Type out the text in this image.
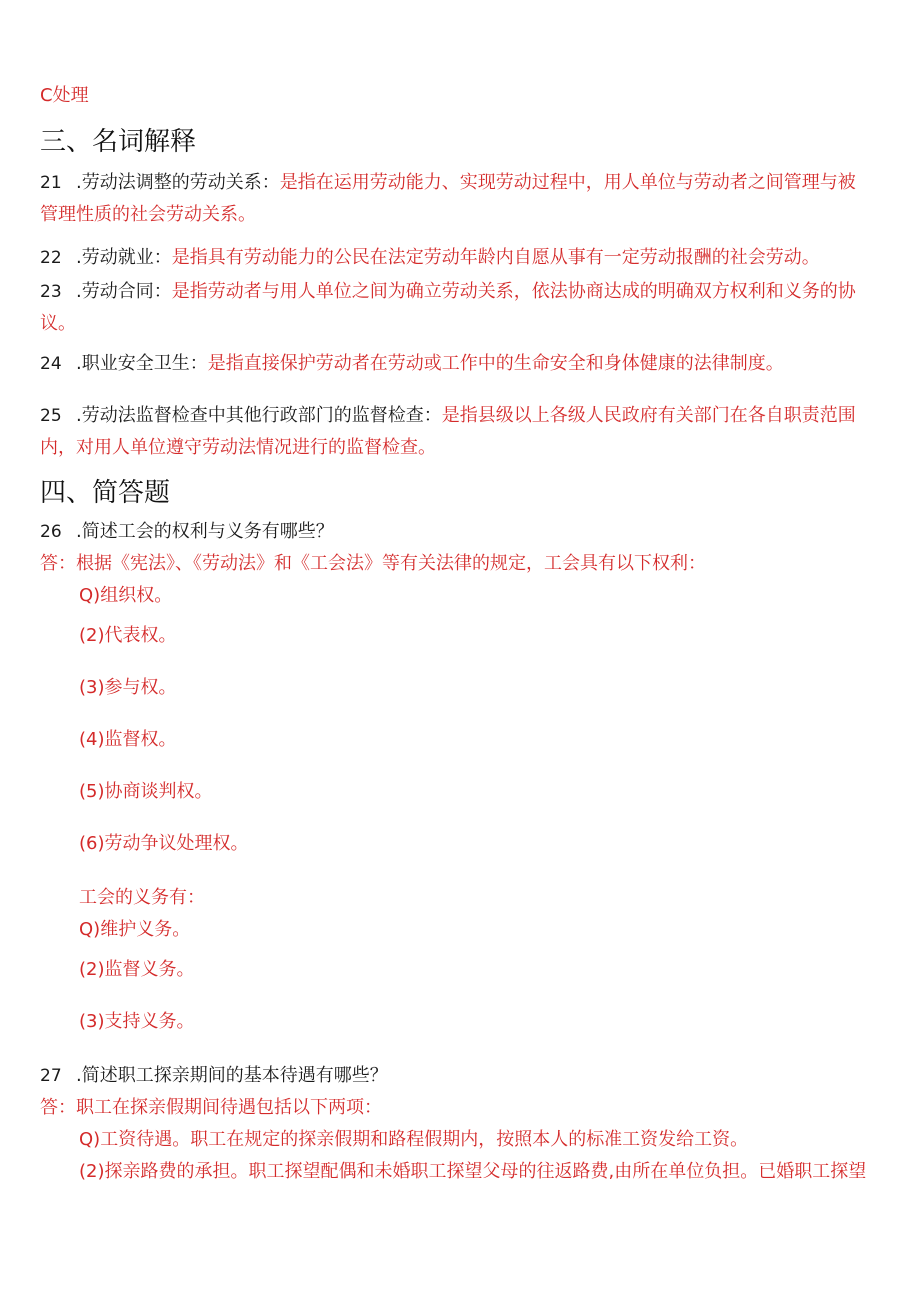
C处理
三、名词解释
21 .劳动法调整的劳动关系：是指在运用劳动能力、实现劳动过程中，用人单位与劳动者之间管理与被
管理性质的社会劳动关系。
22 .劳动就业：是指具有劳动能力的公民在法定劳动年龄内自愿从事有一定劳动报酬的社会劳动。
23 .劳动合同：是指劳动者与用人单位之间为确立劳动关系，依法协商达成的明确双方权利和义务的协
议。
24 .职业安全卫生：是指直接保护劳动者在劳动或工作中的生命安全和身体健康的法律制度。
25 .劳动法监督检查中其他行政部门的监督检查：是指县级以上各级人民政府有关部门在各自职责范围
内，对用人单位遵守劳动法情况进行的监督检查。
四、简答题
26 .简述工会的权利与义务有哪些？
答：根据《宪法》、《劳动法》和《工会法》等有关法律的规定，工会具有以下权利：
Q)组织权。
(2)代表权。
(3)参与权。
(4)监督权。
(5)协商谈判权。
(6)劳动争议处理权。
工会的义务有：
Q)维护义务。
(2)监督义务。
(3)支持义务。
27 .简述职工探亲期间的基本待遇有哪些？
答：职工在探亲假期间待遇包括以下两项：
Q)工资待遇。职工在规定的探亲假期和路程假期内，按照本人的标准工资发给工资。
(2)探亲路费的承担。职工探望配偶和未婚职工探望父母的往返路费,由所在单位负担。已婚职工探望
